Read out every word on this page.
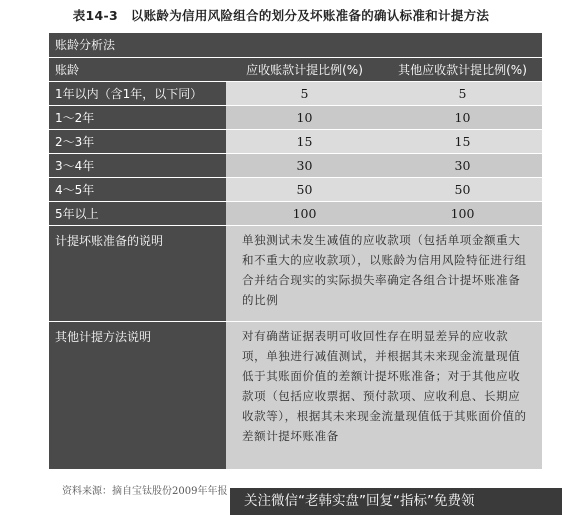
表14-3　以账龄为信用风险组合的划分及坏账准备的确认标准和计提方法
账龄分析法		
账龄	应收账款计提比例(%)	其他应收款计提比例(%)
1年以内（含1年，以下同）	5	5
1～2年	10	10
2～3年	15	15
3～4年	30	30
4～5年	50	50
5年以上	100	100
计提坏账准备的说明	单独测试未发生减值的应收款项（包括单项金额重大和不重大的应收款项），以账龄为信用风险特征进行组合并结合现实的实际损失率确定各组合计提坏账准备的比例	
其他计提方法说明	对有确凿证据表明可收回性存在明显差异的应收款项，单独进行减值测试，并根据其未来现金流量现值低于其账面价值的差额计提坏账准备；对于其他应收款项（包括应收票据、预付款项、应收利息、长期应收款等），根据其未来现金流量现值低于其账面价值的差额计提坏账准备	
资料来源：摘自宝钛股份2009年年报
关注微信“老韩实盘”回复“指标”免费领
